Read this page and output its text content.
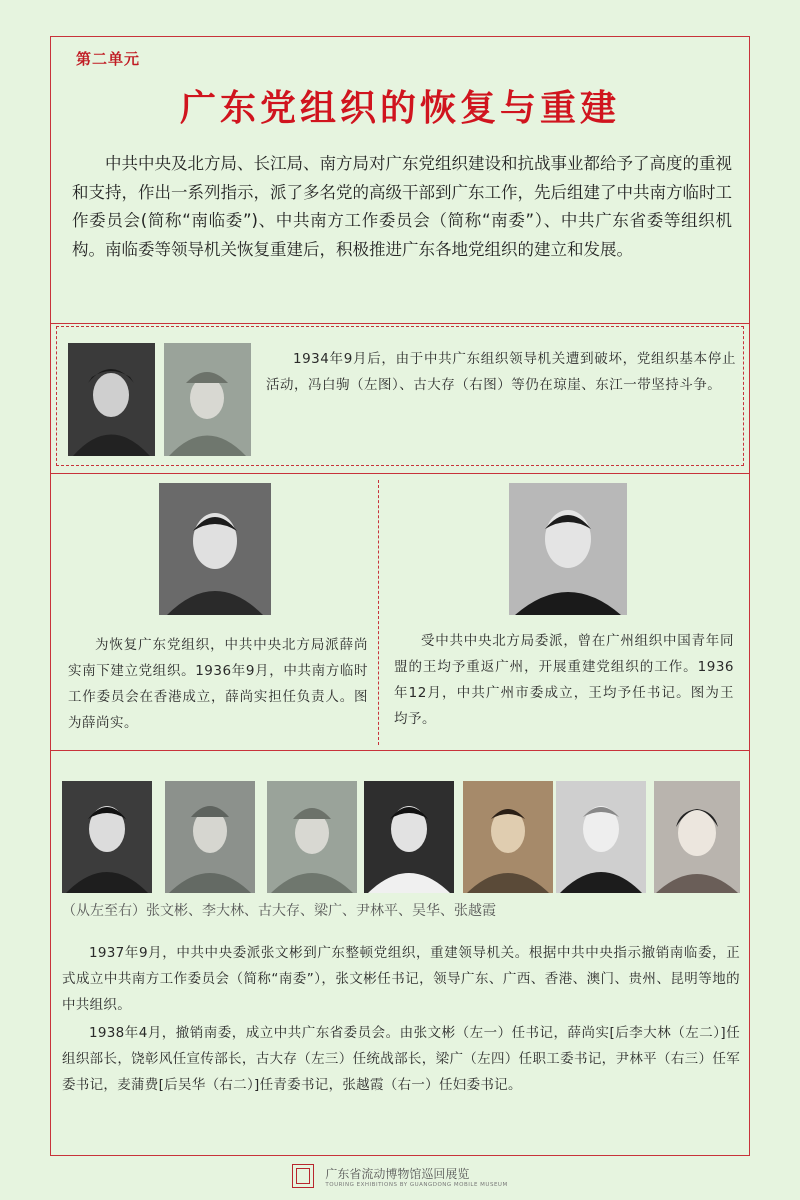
第二单元
广东党组织的恢复与重建
中共中央及北方局、长江局、南方局对广东党组织建设和抗战事业都给予了高度的重视和支持，作出一系列指示，派了多名党的高级干部到广东工作，先后组建了中共南方临时工作委员会(简称“南临委”)、中共南方工作委员会（简称“南委”）、中共广东省委等组织机构。南临委等领导机关恢复重建后，积极推进广东各地党组织的建立和发展。
1934年9月后，由于中共广东组织领导机关遭到破坏，党组织基本停止活动，冯白驹（左图）、古大存（右图）等仍在琼崖、东江一带坚持斗争。
为恢复广东党组织，中共中央北方局派薛尚实南下建立党组织。1936年9月，中共南方临时工作委员会在香港成立，薛尚实担任负责人。图为薛尚实。
受中共中央北方局委派，曾在广州组织中国青年同盟的王均予重返广州，开展重建党组织的工作。1936年12月，中共广州市委成立，王均予任书记。图为王均予。
（从左至右）张文彬、李大林、古大存、梁广、尹林平、吴华、张越霞
1937年9月，中共中央委派张文彬到广东整顿党组织，重建领导机关。根据中共中央指示撤销南临委，正式成立中共南方工作委员会（简称“南委”），张文彬任书记，领导广东、广西、香港、澳门、贵州、昆明等地的中共组织。
1938年4月，撤销南委，成立中共广东省委员会。由张文彬（左一）任书记，薛尚实[后李大林（左二）]任组织部长，饶彰风任宣传部长，古大存（左三）任统战部长，梁广（左四）任职工委书记，尹林平（右三）任军委书记，麦蒲费[后吴华（右二）]任青委书记，张越霞（右一）任妇委书记。

广东省流动博物馆巡回展览
TOURING EXHIBITIONS BY GUANGDONG MOBILE MUSEUM
